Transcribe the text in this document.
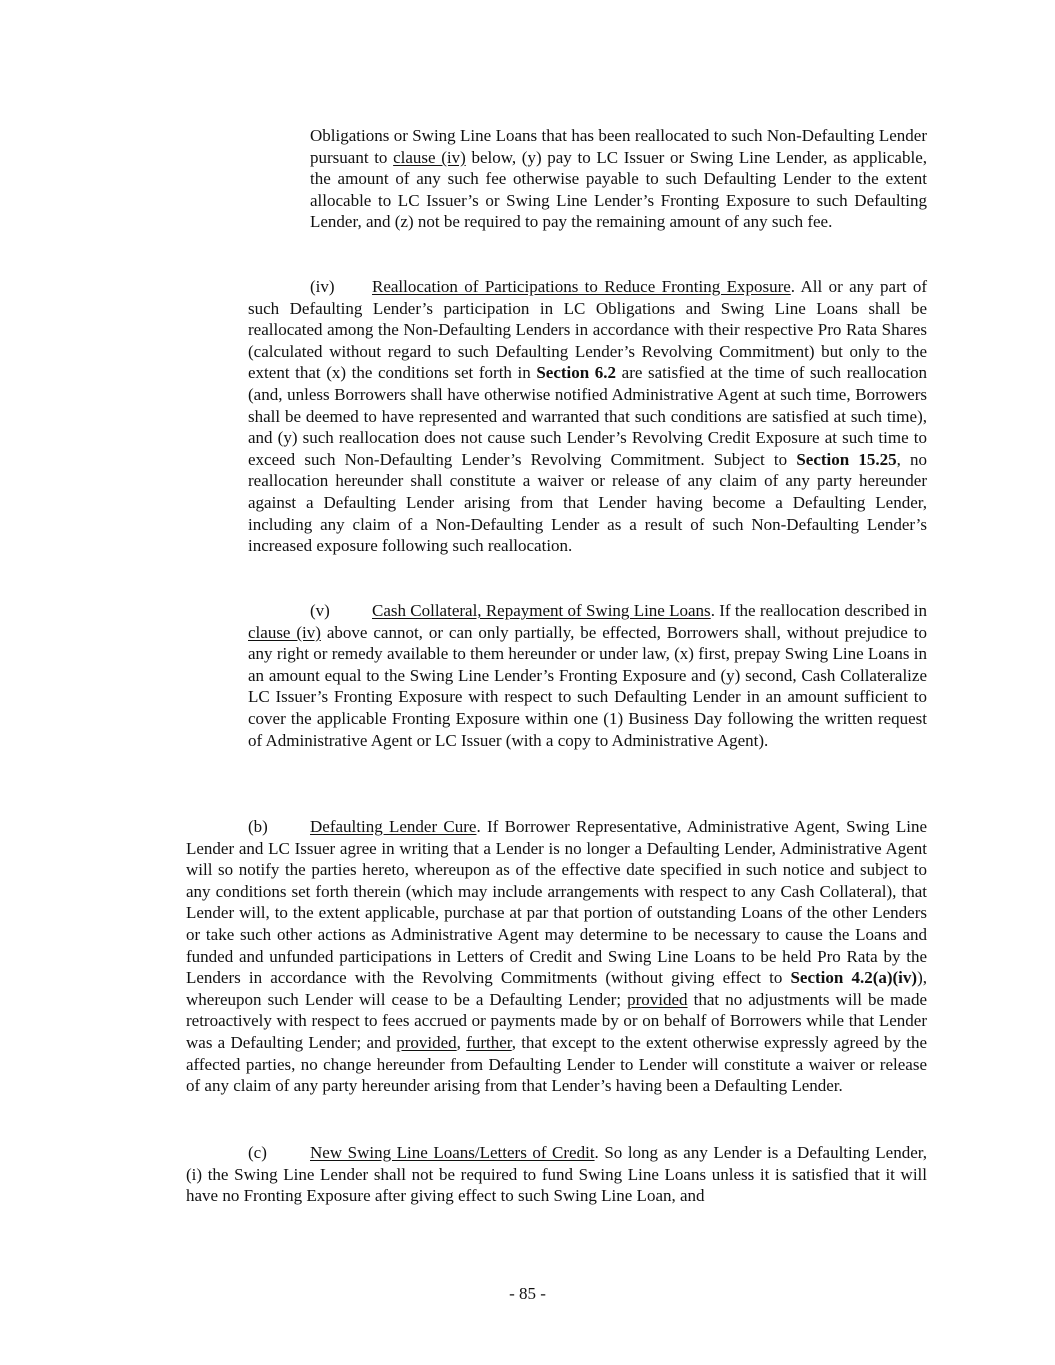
Obligations or Swing Line Loans that has been reallocated to such Non-Defaulting Lender pursuant to clause (iv) below, (y) pay to LC Issuer or Swing Line Lender, as applicable, the amount of any such fee otherwise payable to such Defaulting Lender to the extent allocable to LC Issuer’s or Swing Line Lender’s Fronting Exposure to such Defaulting Lender, and (z) not be required to pay the remaining amount of any such fee.

(iv) Reallocation of Participations to Reduce Fronting Exposure. All or any part of such Defaulting Lender’s participation in LC Obligations and Swing Line Loans shall be reallocated among the Non-Defaulting Lenders in accordance with their respective Pro Rata Shares (calculated without regard to such Defaulting Lender’s Revolving Commitment) but only to the extent that (x) the conditions set forth in Section 6.2 are satisfied at the time of such reallocation (and, unless Borrowers shall have otherwise notified Administrative Agent at such time, Borrowers shall be deemed to have represented and warranted that such conditions are satisfied at such time), and (y) such reallocation does not cause such Lender’s Revolving Credit Exposure at such time to exceed such Non-Defaulting Lender’s Revolving Commitment. Subject to Section 15.25, no reallocation hereunder shall constitute a waiver or release of any claim of any party hereunder against a Defaulting Lender arising from that Lender having become a Defaulting Lender, including any claim of a Non-Defaulting Lender as a result of such Non-Defaulting Lender’s increased exposure following such reallocation.

(v) Cash Collateral, Repayment of Swing Line Loans. If the reallocation described in clause (iv) above cannot, or can only partially, be effected, Borrowers shall, without prejudice to any right or remedy available to them hereunder or under law, (x) first, prepay Swing Line Loans in an amount equal to the Swing Line Lender’s Fronting Exposure and (y) second, Cash Collateralize LC Issuer’s Fronting Exposure with respect to such Defaulting Lender in an amount sufficient to cover the applicable Fronting Exposure within one (1) Business Day following the written request of Administrative Agent or LC Issuer (with a copy to Administrative Agent).

(b) Defaulting Lender Cure. If Borrower Representative, Administrative Agent, Swing Line Lender and LC Issuer agree in writing that a Lender is no longer a Defaulting Lender, Administrative Agent will so notify the parties hereto, whereupon as of the effective date specified in such notice and subject to any conditions set forth therein (which may include arrangements with respect to any Cash Collateral), that Lender will, to the extent applicable, purchase at par that portion of outstanding Loans of the other Lenders or take such other actions as Administrative Agent may determine to be necessary to cause the Loans and funded and unfunded participations in Letters of Credit and Swing Line Loans to be held Pro Rata by the Lenders in accordance with the Revolving Commitments (without giving effect to Section 4.2(a)(iv)), whereupon such Lender will cease to be a Defaulting Lender; provided that no adjustments will be made retroactively with respect to fees accrued or payments made by or on behalf of Borrowers while that Lender was a Defaulting Lender; and provided, further, that except to the extent otherwise expressly agreed by the affected parties, no change hereunder from Defaulting Lender to Lender will constitute a waiver or release of any claim of any party hereunder arising from that Lender’s having been a Defaulting Lender.

(c)	New Swing Line Loans/Letters of Credit. So long as any Lender is a Defaulting Lender, (i) the Swing Line Lender shall not be required to fund Swing Line Loans unless it is satisfied that it will have no Fronting Exposure after giving effect to such Swing Line Loan, and

- 85 -
